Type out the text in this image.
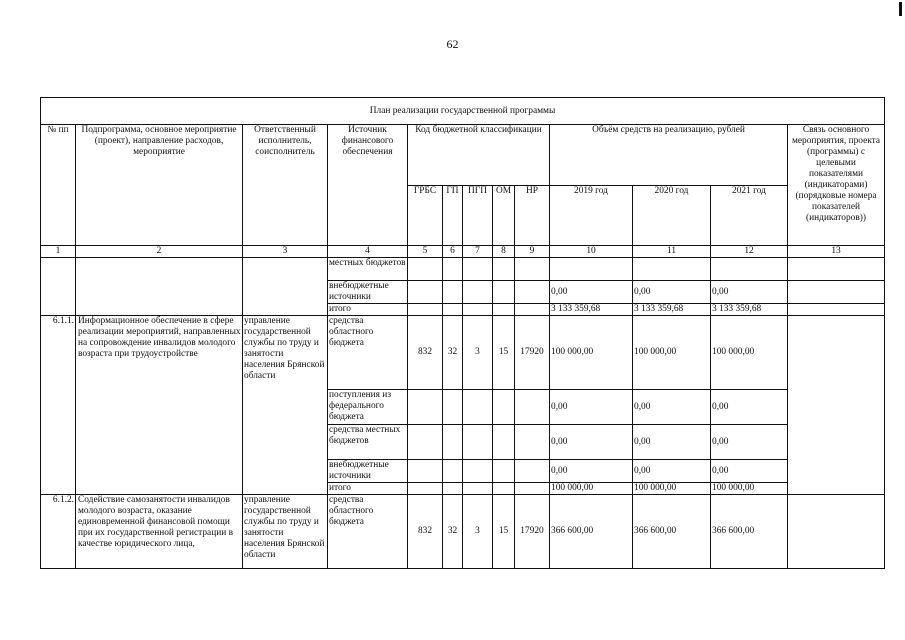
62
План реализации государственной программы												
№ пп	Подпрограмма, основное мероприятие (проект), направление расходов, мероприятие	Ответственный исполнитель, соисполнитель	Источник финансового обеспечения	Код бюджетной классификации					Объём средств на реализацию, рублей			Связь основного мероприятия, проекта (программы) с целевыми показателями (индикаторами) (порядковые номера показателей (индикаторов))
				ГРБС	ГП	ПГП	ОМ	НР	2019 год	2020 год	2021 год	
1	2	3	4	5	6	7	8	9	10	11	12	13
			местных бюджетов									
			внебюджетные источники						0,00	0,00	0,00	
			итого						3 133 359,68	3 133 359,68	3 133 359,68	
6.1.1.	Информационное обеспечение в сфере реализации мероприятий, направленных на сопровождение инвалидов молодого возраста при трудоустройстве	управление государственной службы по труду и занятости населения Брянской области	средства областного бюджета	832	32	3	15	17920	100 000,00	100 000,00	100 000,00	
			поступления из федерального бюджета						0,00	0,00	0,00	
			средства местных бюджетов						0,00	0,00	0,00	
			внебюджетные источники						0,00	0,00	0,00	
			итого						100 000,00	100 000,00	100 000,00	
6.1.2.	Содействие самозанятости инвалидов молодого возраста, оказание единовременной финансовой помощи при их государственной регистрации в качестве юридического лица,	управление государственной службы по труду и занятости населения Брянской области	средства областного бюджета	832	32	3	15	17920	366 600,00	366 600,00	366 600,00	
